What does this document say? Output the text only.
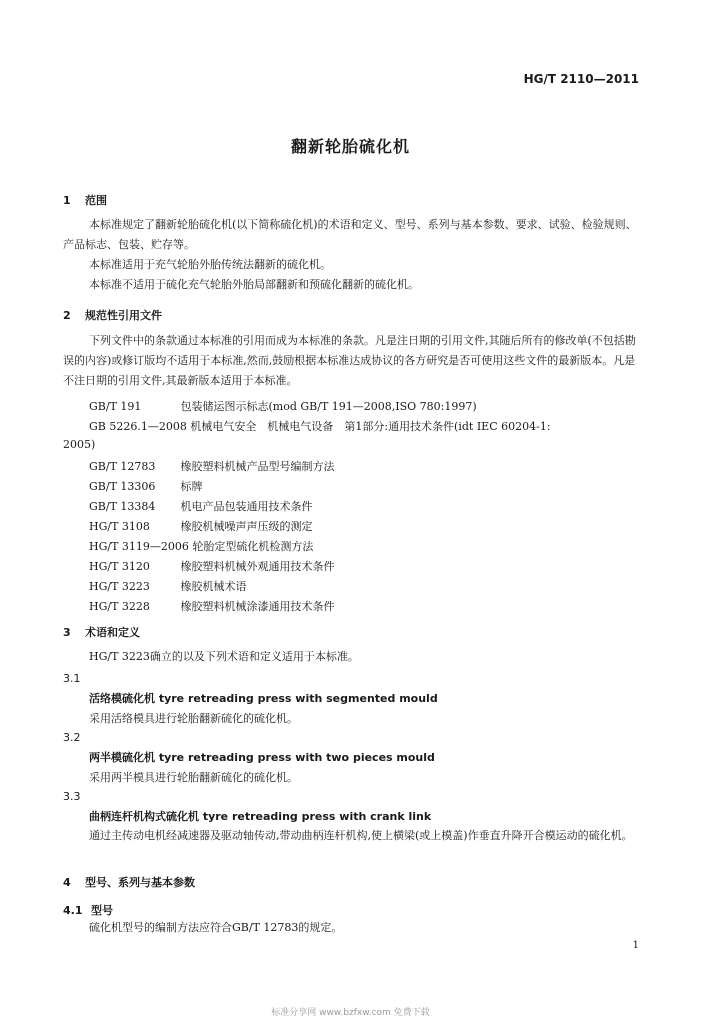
HG/T 2110—2011
翻新轮胎硫化机
1 范围
本标准规定了翻新轮胎硫化机(以下简称硫化机)的术语和定义、型号、系列与基本参数、要求、试验、检验规则、产品标志、包装、贮存等。
本标准适用于充气轮胎外胎传统法翻新的硫化机。
本标准不适用于硫化充气轮胎外胎局部翻新和预硫化翻新的硫化机。
2 规范性引用文件
下列文件中的条款通过本标准的引用而成为本标准的条款。凡是注日期的引用文件,其随后所有的修改单(不包括勘误的内容)或修订版均不适用于本标准,然而,鼓励根据本标准达成协议的各方研究是否可使用这些文件的最新版本。凡是不注日期的引用文件,其最新版本适用于本标准。
GB/T 191	包装储运图示标志(mod GB/T 191—2008,ISO 780:1997)
GB 5226.1—2008 机械电气安全　机械电气设备　第1部分:通用技术条件(idt IEC 60204-1:
2005)
GB/T 12783 橡胶塑料机械产品型号编制方法
GB/T 13306 标牌
GB/T 13384 机电产品包装通用技术条件
HG/T 3108	橡胶机械噪声声压级的测定
HG/T 3119—2006 轮胎定型硫化机检测方法
HG/T 3120	橡胶塑料机械外观通用技术条件
HG/T 3223	橡胶机械术语
HG/T 3228	橡胶塑料机械涂漆通用技术条件
3 术语和定义
HG/T 3223确立的以及下列术语和定义适用于本标准。
3.1
活络模硫化机 tyre retreading press with segmented mould
采用活络模具进行轮胎翻新硫化的硫化机。
3.2
两半模硫化机 tyre retreading press with two pieces mould
采用两半模具进行轮胎翻新硫化的硫化机。
3.3
曲柄连杆机构式硫化机 tyre retreading press with crank link
通过主传动电机经减速器及驱动轴传动,带动曲柄连杆机构,使上横梁(或上模盖)作垂直升降开合模运动的硫化机。
4 型号、系列与基本参数
4.1 型号
硫化机型号的编制方法应符合GB/T 12783的规定。
1
标准分享网 www.bzfxw.com 免费下载
